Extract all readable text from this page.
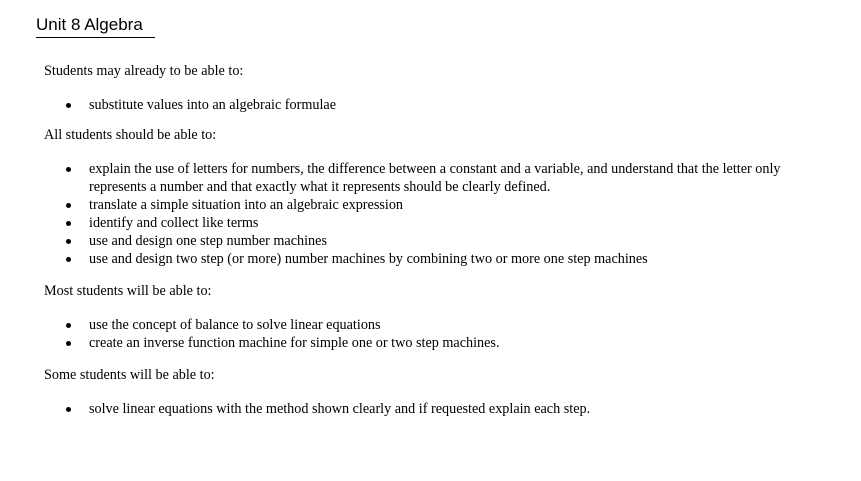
Unit 8 Algebra

Students may already to be able to:

substitute values into an algebraic formulae

All students should be able to:

explain the use of letters for numbers, the difference between a constant and a variable, and understand that the letter only represents a number and that exactly what it represents should be clearly defined.
translate a simple situation into an algebraic expression
identify and collect like terms
use and design one step number machines
use and design two step (or more) number machines by combining two or more one step machines

Most students will be able to:

use the concept of balance to solve linear equations
create an inverse function machine for simple one or two step machines.

Some students will be able to:

solve linear equations with the method shown clearly and if requested explain each step.
